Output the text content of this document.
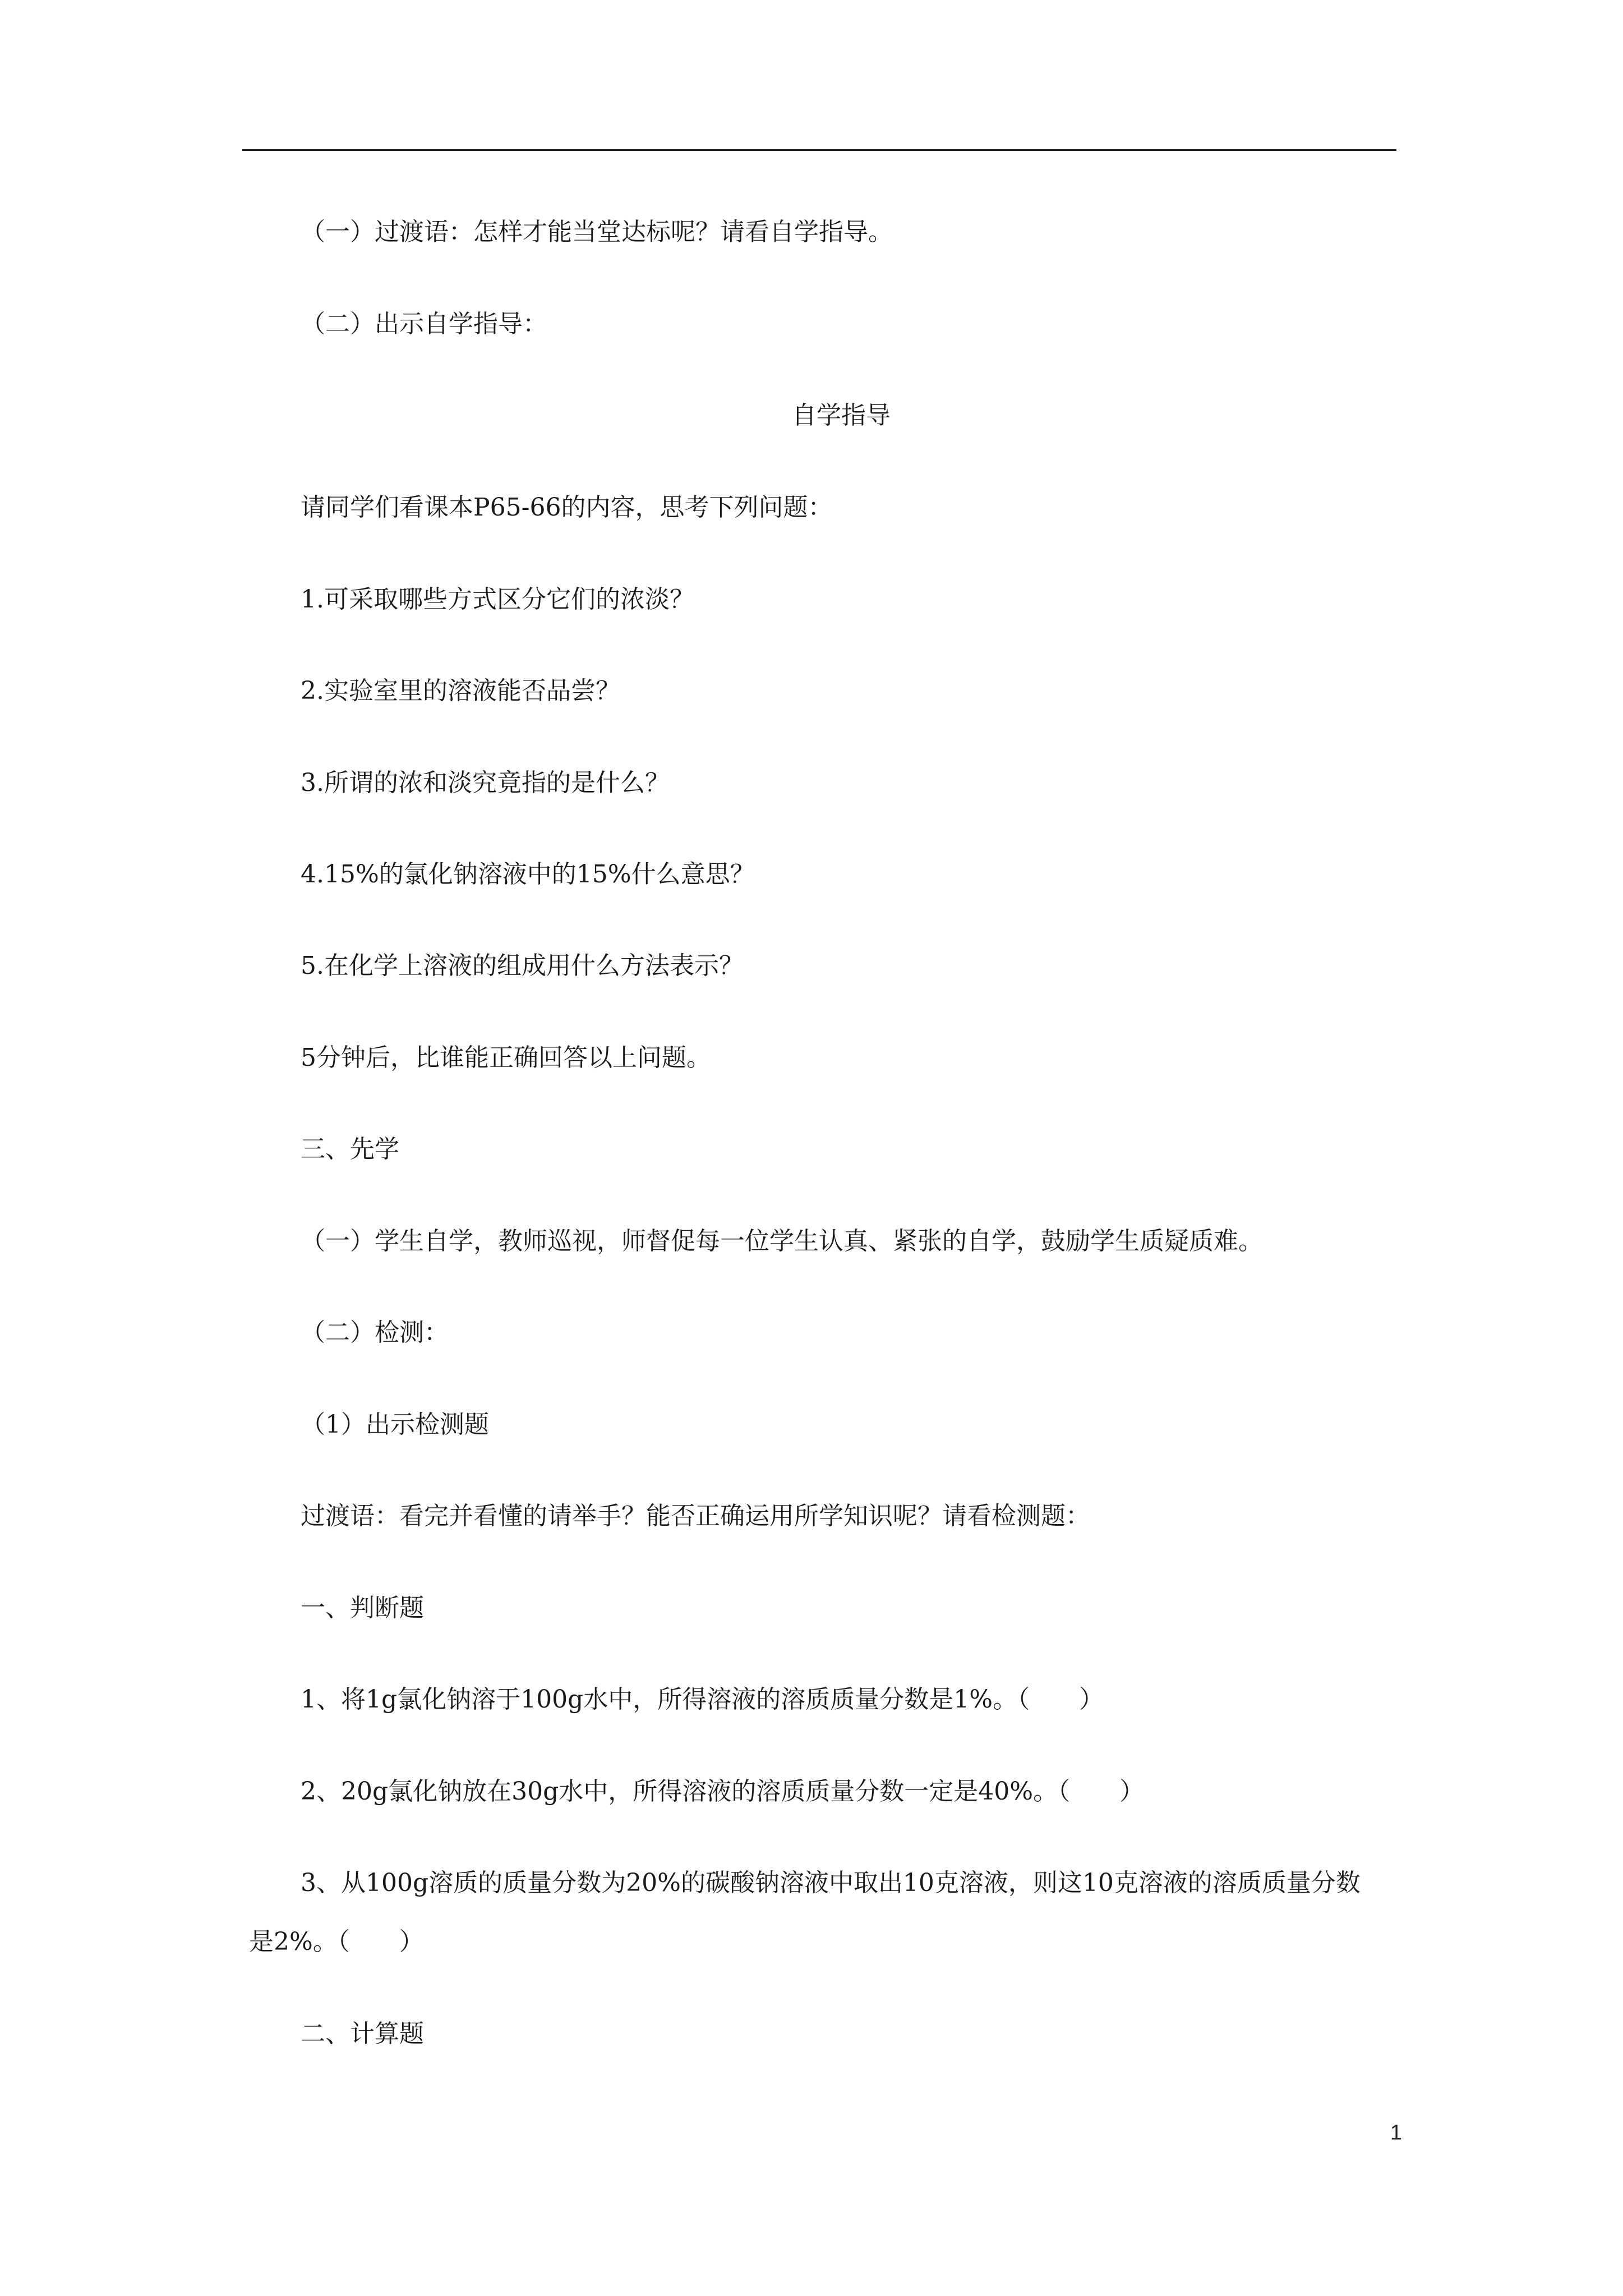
（一）过渡语：怎样才能当堂达标呢？请看自学指导。
（二）出示自学指导：
自学指导
请同学们看课本P65-66的内容，思考下列问题：
1.可采取哪些方式区分它们的浓淡？
2.实验室里的溶液能否品尝？
3.所谓的浓和淡究竟指的是什么？
4.15%的氯化钠溶液中的15%什么意思？
5.在化学上溶液的组成用什么方法表示？
5分钟后，比谁能正确回答以上问题。
三、先学
（一）学生自学，教师巡视，师督促每一位学生认真、紧张的自学，鼓励学生质疑质难。
（二）检测：
（1）出示检测题
过渡语：看完并看懂的请举手？能否正确运用所学知识呢？请看检测题：
一、判断题
1、将1g氯化钠溶于100g水中，所得溶液的溶质质量分数是1%。（　　）
2、20g氯化钠放在30g水中，所得溶液的溶质质量分数一定是40%。（　　）
3、从100g溶质的质量分数为20%的碳酸钠溶液中取出10克溶液，则这10克溶液的溶质质量分数
是2%。（　　）
二、计算题
1
